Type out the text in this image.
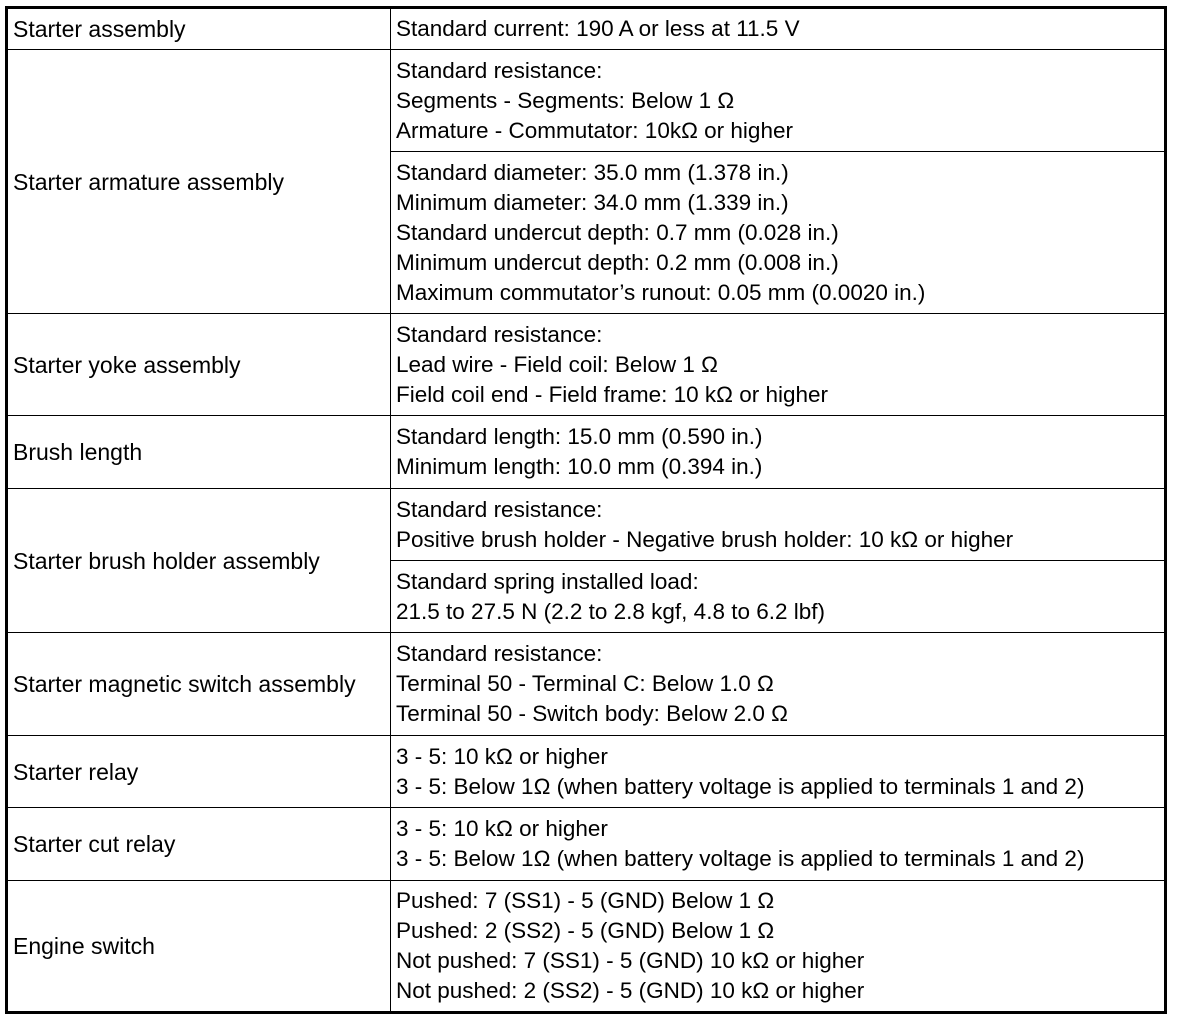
Starter assembly	Standard current: 190 A or less at 11.5 V

Starter armature assembly	Standard resistance:
Segments - Segments: Below 1 Ω
Armature - Commutator: 10kΩ or higher

	Standard diameter: 35.0 mm (1.378 in.)
Minimum diameter: 34.0 mm (1.339 in.)
Standard undercut depth: 0.7 mm (0.028 in.)
Minimum undercut depth: 0.2 mm (0.008 in.)
Maximum commutator’s runout: 0.05 mm (0.0020 in.)

Starter yoke assembly	Standard resistance:
Lead wire - Field coil: Below 1 Ω
Field coil end - Field frame: 10 kΩ or higher

Brush length	Standard length: 15.0 mm (0.590 in.)
Minimum length: 10.0 mm (0.394 in.)

Starter brush holder assembly	Standard resistance:
Positive brush holder - Negative brush holder: 10 kΩ or higher

	Standard spring installed load:
21.5 to 27.5 N (2.2 to 2.8 kgf, 4.8 to 6.2 lbf)

Starter magnetic switch assembly	Standard resistance:
Terminal 50 - Terminal C: Below 1.0 Ω
Terminal 50 - Switch body: Below 2.0 Ω

Starter relay	3 - 5: 10 kΩ or higher
3 - 5: Below 1Ω (when battery voltage is applied to terminals 1 and 2)

Starter cut relay	3 - 5: 10 kΩ or higher
3 - 5: Below 1Ω (when battery voltage is applied to terminals 1 and 2)

Engine switch	Pushed: 7 (SS1) - 5 (GND) Below 1 Ω
Pushed: 2 (SS2) - 5 (GND) Below 1 Ω
Not pushed: 7 (SS1) - 5 (GND) 10 kΩ or higher
Not pushed: 2 (SS2) - 5 (GND) 10 kΩ or higher
